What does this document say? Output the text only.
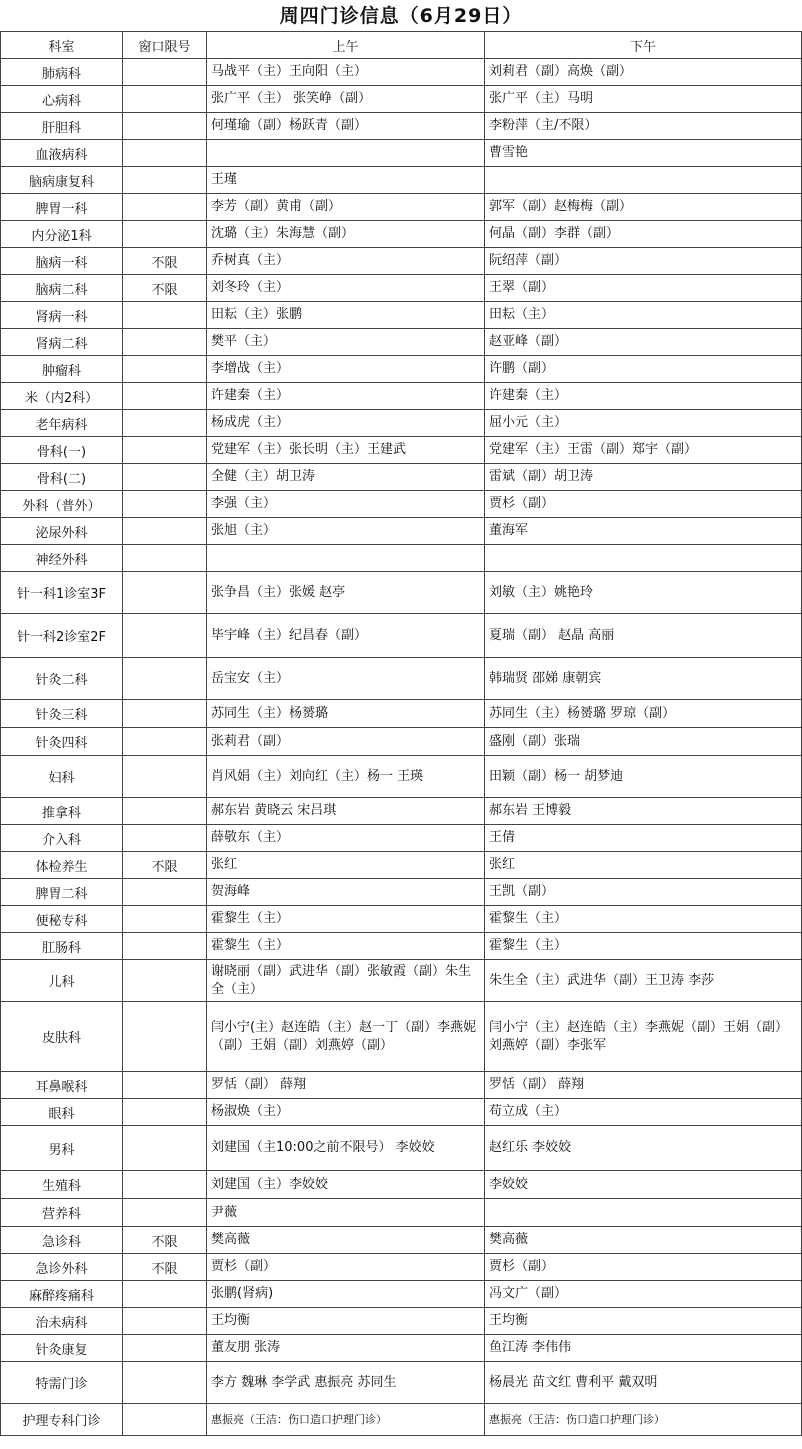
周四门诊信息（6月29日）
科室	窗口限号	上午	下午
肺病科		马战平（主）王向阳（主）	刘莉君（副）高焕（副）
心病科		张广平（主） 张笑峥（副）	张广平（主）马明
肝胆科		何瑾瑜（副）杨跃青（副）	李粉萍（主/不限）
血液病科			曹雪艳
脑病康复科		王瑾	
脾胃一科		李芳（副）黄甫（副）	郭军（副）赵梅梅（副）
内分泌1科		沈璐（主）朱海慧（副）	何晶（副）李群（副）
脑病一科	不限	乔树真（主）	阮绍萍（副）
脑病二科	不限	刘冬玲（主）	王翠（副）
肾病一科		田耘（主）张鹏	田耘（主）
肾病二科		樊平（主）	赵亚峰（副）
肿瘤科		李增战（主）	许鹏（副）
米（内2科）		许建秦（主）	许建秦（主）
老年病科		杨成虎（主）	屈小元（主）
骨科(一)		党建军（主）张长明（主）王建武	党建军（主）王雷（副）郑宇（副）
骨科(二)		全健（主）胡卫涛	雷斌（副）胡卫涛
外科（普外）		李强（主）	贾杉（副）
泌尿外科		张旭（主）	董海军
神经外科			
针一科1诊室3F		张争昌（主）张媛 赵亭	刘敏（主）姚艳玲
针一科2诊室2F		毕宇峰（主）纪昌春（副）	夏瑞（副） 赵晶 高丽
针灸二科		岳宝安（主）	韩瑞贤 邵娣 康朝宾
针灸三科		苏同生（主）杨赟璐	苏同生（主）杨赟璐 罗琼（副）
针灸四科		张莉君（副）	盛刚（副）张瑞
妇科		肖风娟（主）刘向红（主）杨一 王瑛	田颖（副）杨一 胡梦迪
推拿科		郝东岩 黄晓云 宋吕琪	郝东岩 王博毅
介入科		薛敬东（主）	王倩
体检养生	不限	张红	张红
脾胃二科		贺海峰	王凯（副）
便秘专科		霍黎生（主）	霍黎生（主）
肛肠科		霍黎生（主）	霍黎生（主）
儿科		谢晓丽（副）武进华（副）张敏霞（副）朱生全（主）	朱生全（主）武进华（副）王卫涛 李莎
皮肤科		闫小宁(主）赵连皓（主）赵一丁（副）李燕妮（副）王娟（副）刘燕婷（副）	闫小宁（主）赵连皓（主）李燕妮（副）王娟（副）刘燕婷（副）李张军
耳鼻喉科		罗恬（副） 薛翔	罗恬（副） 薛翔
眼科		杨淑焕（主）	苟立成（主）
男科		刘建国（主10:00之前不限号） 李姣姣	赵红乐 李姣姣
生殖科		刘建国（主）李姣姣	李姣姣
营养科		尹薇	
急诊科	不限	樊高薇	樊高薇
急诊外科	不限	贾杉（副）	贾杉（副）
麻醉疼痛科		张鹏(肾病)	冯文广（副）
治未病科		王均衡	王均衡
针灸康复		董友朋 张涛	鱼江涛 李伟伟
特需门诊		李方 魏琳 李学武 惠振亮 苏同生	杨晨光 苗文红 曹利平 戴双明
护理专科门诊		惠振亮（王洁：伤口造口护理门诊）	惠振亮（王洁：伤口造口护理门诊）
